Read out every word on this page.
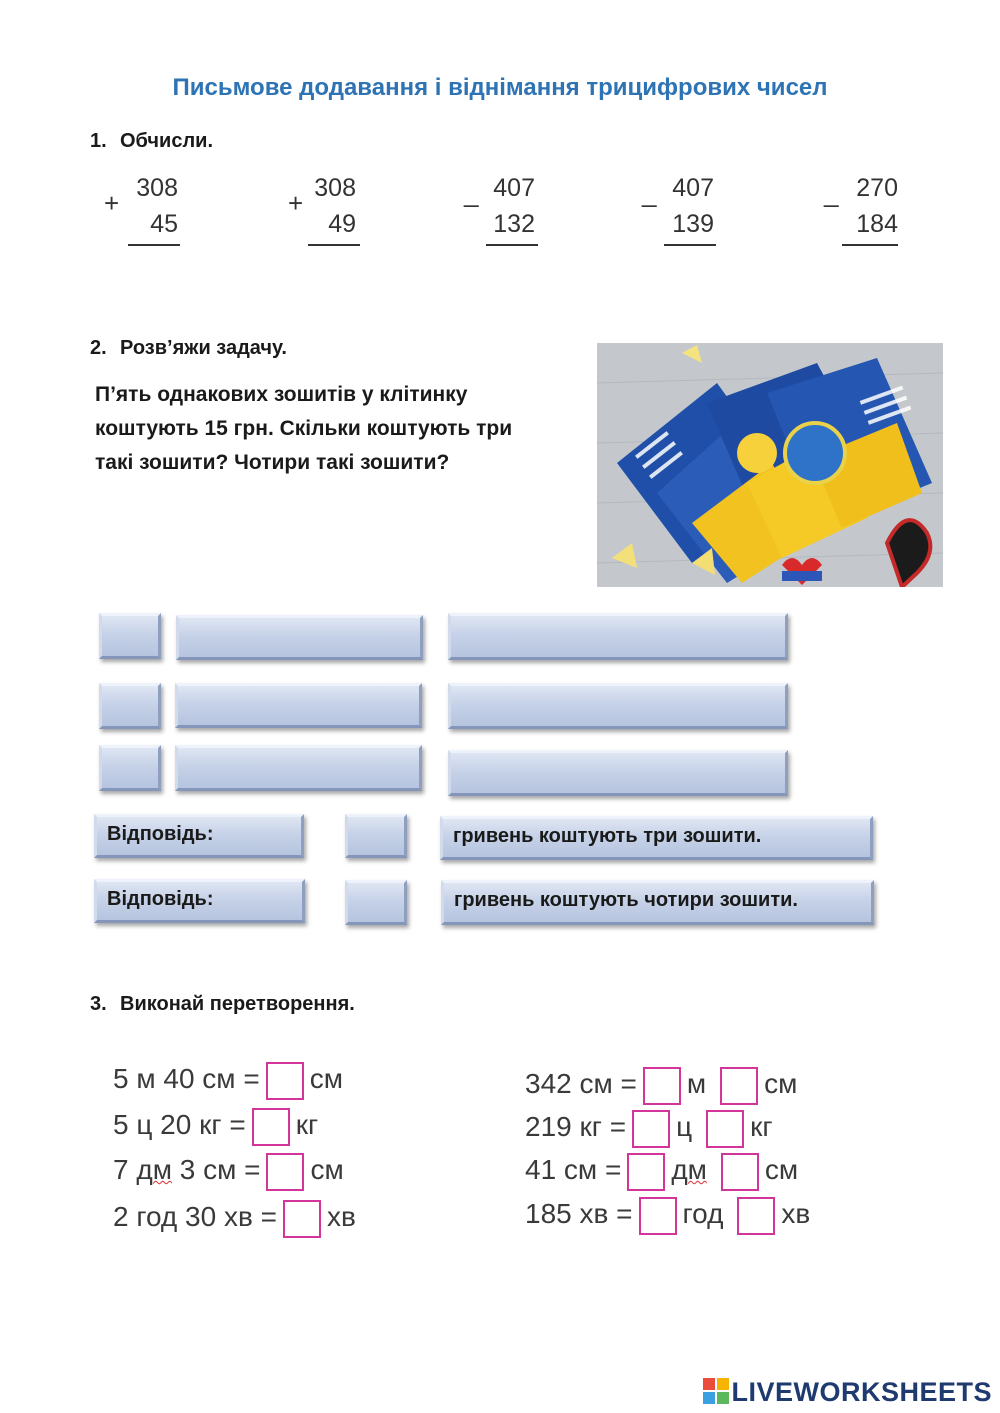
Письмове додавання і віднімання трицифрових чисел
1. Обчисли.
+ 308
45
+ 308
49
_ 407
132
_ 407
139
_ 270
184
2. Розв’яжи задачу.
П’ять однакових зошитів у клітинку
коштують 15 грн. Скільки коштують три
такі зошити? Чотири такі зошити?
Відповідь:	гривень коштують три зошити.
Відповідь:	гривень коштують чотири зошити.
3. Виконай перетворення.
5 м 40 см = см
5 ц 20 кг = кг
7 дм 3 см = см
2 год 30 хв = хв
342 см = м см
219 кг = ц кг
41 см = дм см
185 хв = год хв
LIVEWORKSHEETS
